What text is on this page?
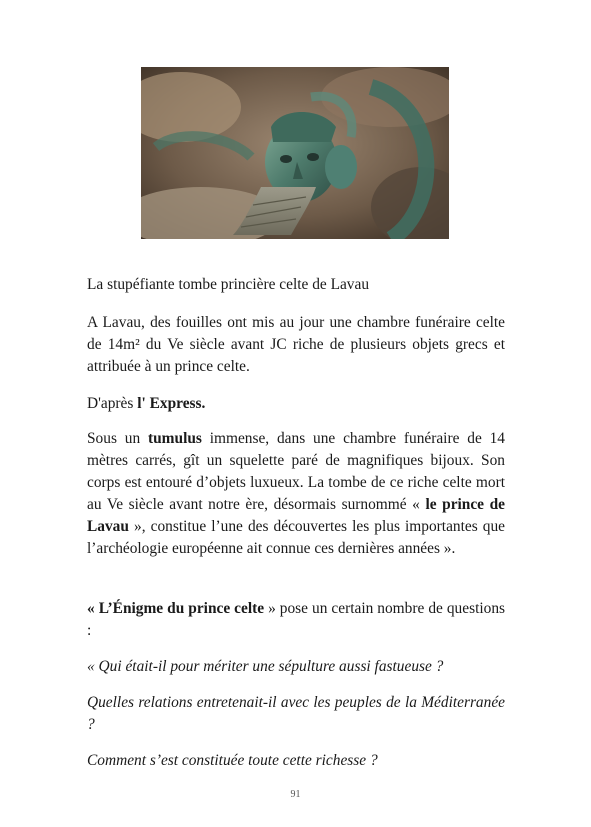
La stupéfiante tombe princière celte de Lavau
A Lavau, des fouilles ont mis au jour une chambre funéraire celte de 14m² du Ve siècle avant JC riche de plusieurs objets grecs et attribuée à un prince celte.
D'après l' Express.
Sous un tumulus immense, dans une chambre funéraire de 14 mètres carrés, gît un squelette paré de magnifiques bijoux. Son corps est entouré d’objets luxueux. La tombe de ce riche celte mort au Ve siècle avant notre ère, désormais surnommé « le prince de Lavau », constitue l’une des découvertes les plus importantes que l’archéologie européenne ait connue ces dernières années ».
« L’Énigme du prince celte » pose un certain nombre de questions :
« Qui était-il pour mériter une sépulture aussi fastueuse ?
Quelles relations entretenait-il avec les peuples de la Méditerranée ?
Comment s’est constituée toute cette richesse ?
91
